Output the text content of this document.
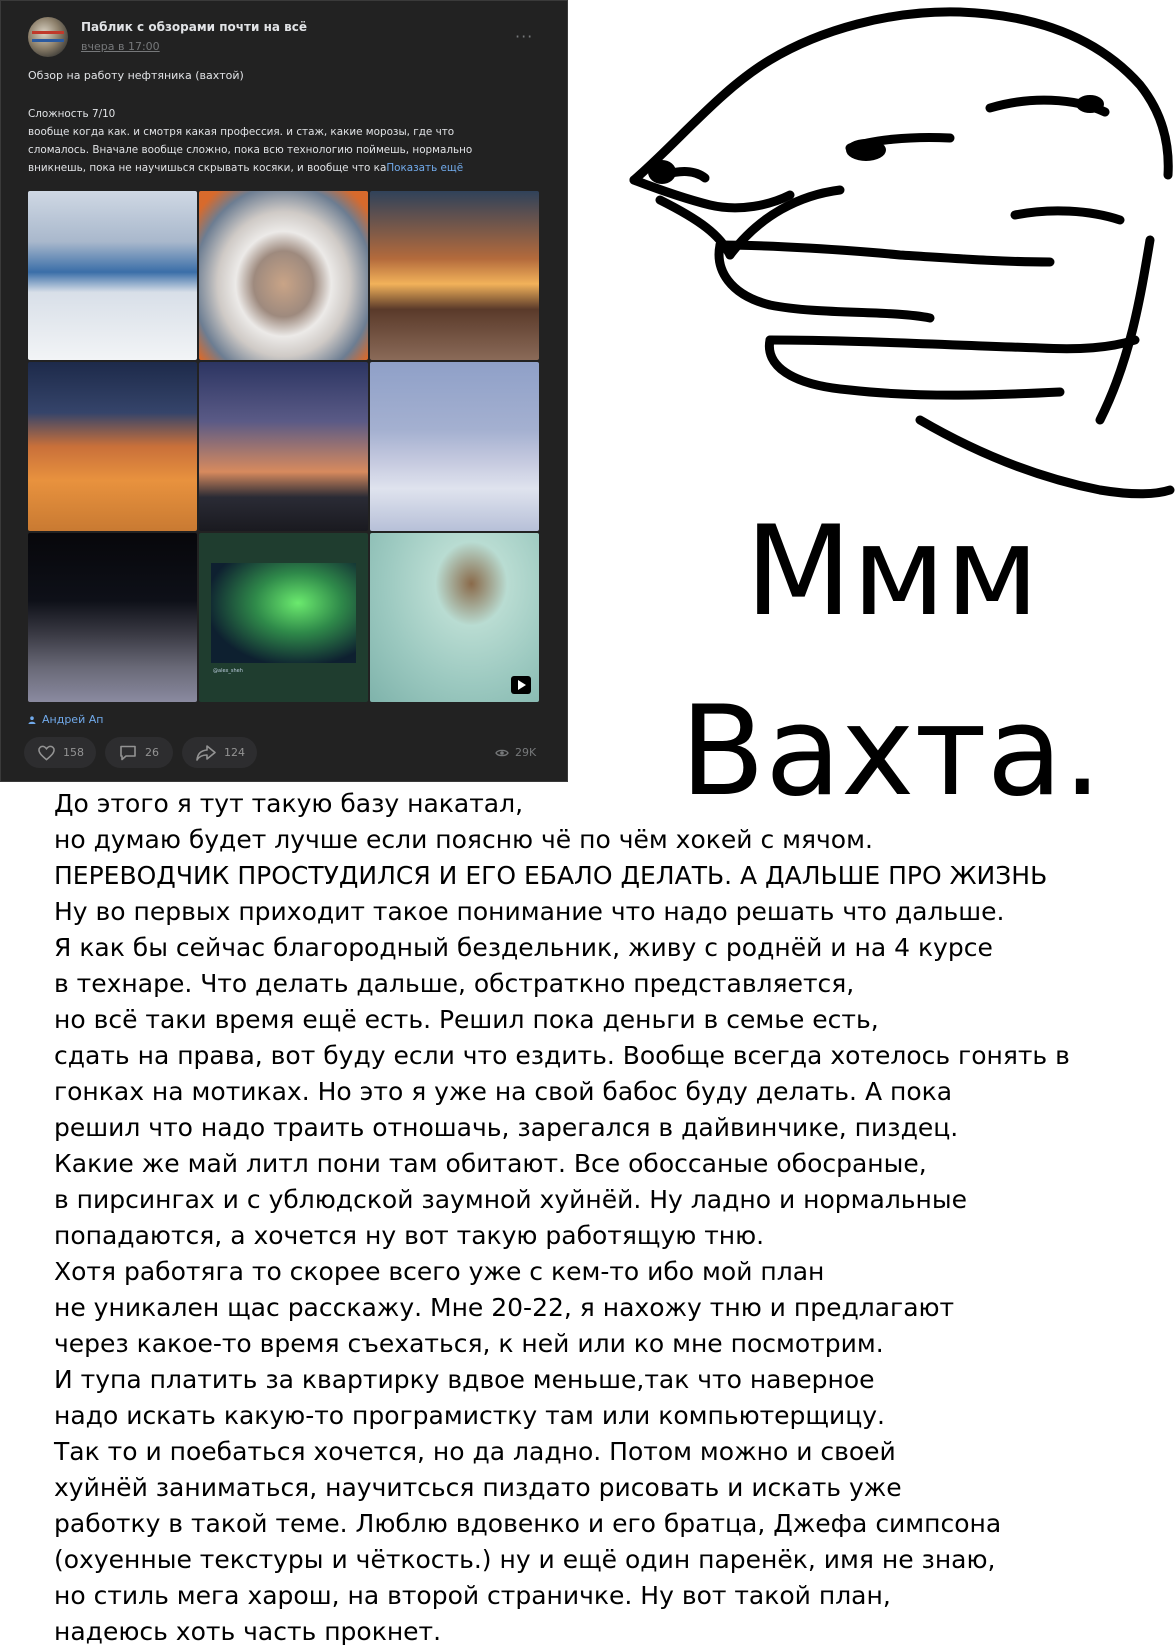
Паблик с обзорами почти на всё
вчера в 17:00
···
Обзор на работу нефтяника (вахтой)
Сложность 7/10
вообще когда как. и смотря какая профессия. и стаж, какие морозы, где что
сломалось. Вначале вообще сложно, пока всю технологию поймешь, нормально
вникнешь, пока не научишься скрывать косяки, и вообще что каПоказать ещё
@alex_sheh
Андрей Ап
158	26	124	29K
Ммм
Вахта.
До этого я тут такую базу накатал,
но думаю будет лучше если поясню чё по чём хокей с мячом.
ПЕРЕВОДЧИК ПРОСТУДИЛСЯ И ЕГО ЕБАЛО ДЕЛАТЬ. А ДАЛЬШЕ ПРО ЖИЗНЬ
Ну во первых приходит такое понимание что надо решать что дальше.
Я как бы сейчас благородный бездельник, живу с роднёй и на 4 курсе
в технаре. Что делать дальше, обстраткно представляется,
но всё таки время ещё есть. Решил пока деньги в семье есть,
сдать на права, вот буду если что ездить. Вообще всегда хотелось гонять в
гонках на мотиках. Но это я уже на свой бабос буду делать. А пока
решил что надо траить отношачь, зарегался в дайвинчике, пиздец.
Какие же май литл пони там обитают. Все обоссаные обосраные,
в пирсингах и с ублюдской заумной хуйнёй. Ну ладно и нормальные
попадаются, а хочется ну вот такую работящую тню.
Хотя работяга то скорее всего уже с кем-то ибо мой план
не уникален щас расскажу. Мне 20-22, я нахожу тню и предлагают
через какое-то время съехаться, к ней или ко мне посмотрим.
И тупа платить за квартирку вдвое меньше,так что наверное
надо искать какую-то програмистку там или компьютерщицу.
Так то и поебаться хочется, но да ладно. Потом можно и своей
хуйнёй заниматься, научитсься пиздато рисовать и искать уже
работку в такой теме. Люблю вдовенко и его братца, Джефа симпсона
(охуенные текстуры и чёткость.) ну и ещё один паренёк, имя не знаю,
но стиль мега харош, на второй страничке. Ну вот такой план,
надеюсь хоть часть прокнет.
